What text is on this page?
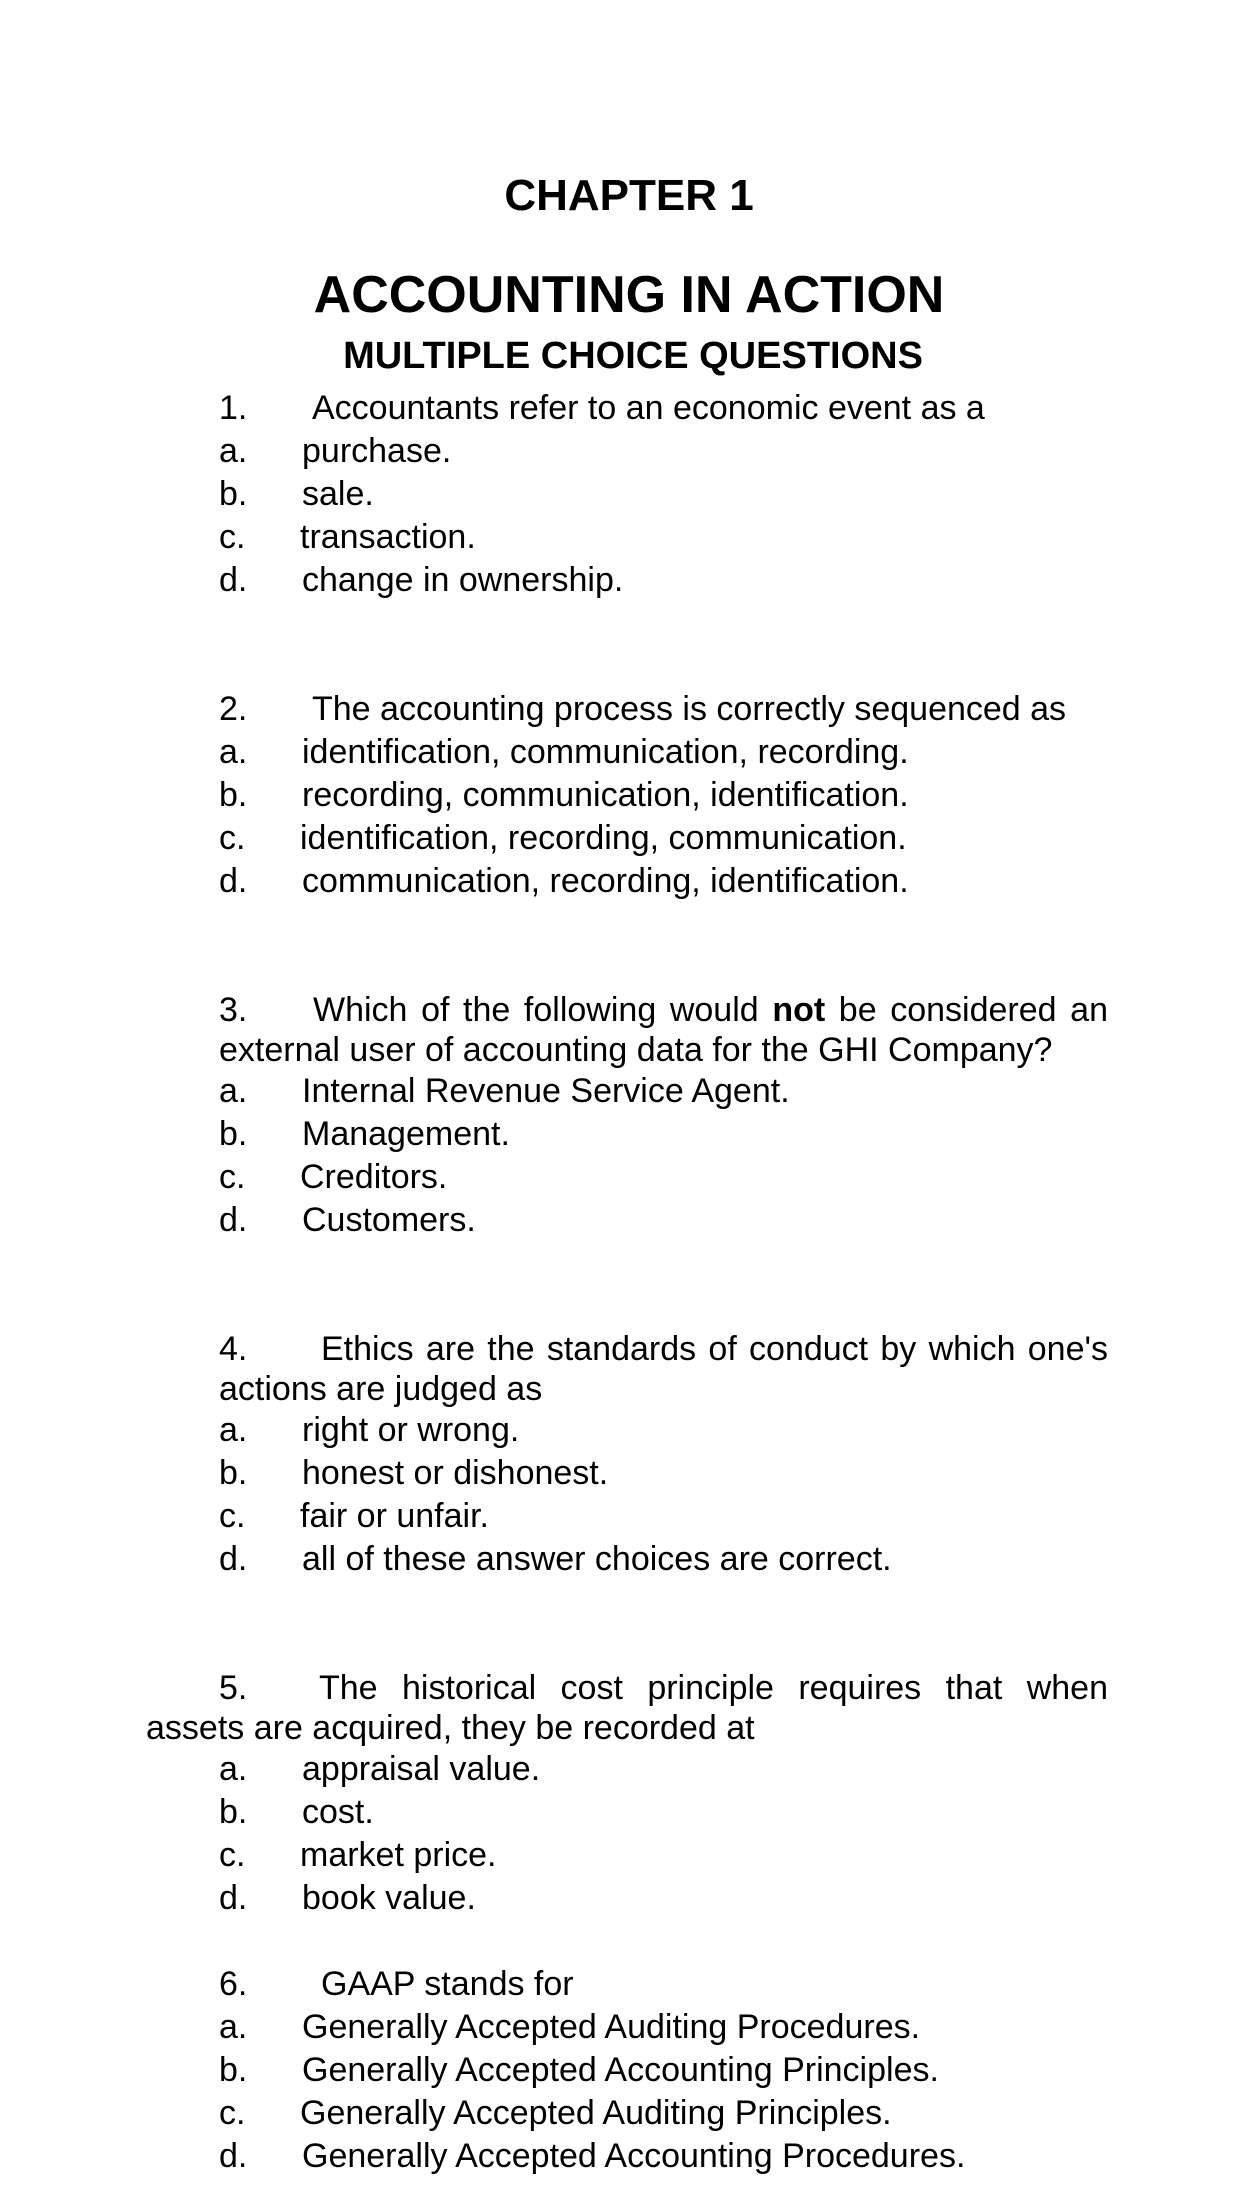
CHAPTER 1
ACCOUNTING IN ACTION
MULTIPLE CHOICE QUESTIONS

1. Accountants refer to an economic event as a

a. purchase.

b. sale.

c. transaction.

d. change in ownership.

2. The accounting process is correctly sequenced as

a. identification, communication, recording.

b. recording, communication, identification.

c. identification, recording, communication.

d. communication, recording, identification.

3. Which of the following would not be considered an
external user of accounting data for the GHI Company?

a. Internal Revenue Service Agent.

b. Management.

c. Creditors.

d. Customers.

4. Ethics are the standards of conduct by which one's
actions are judged as

a. right or wrong.

b. honest or dishonest.

c. fair or unfair.

d. all of these answer choices are correct.

5. The historical cost principle requires that when
assets are acquired, they be recorded at

a. appraisal value.

b. cost.

c. market price.

d. book value.

6. GAAP stands for

a. Generally Accepted Auditing Procedures.

b. Generally Accepted Accounting Principles.

c. Generally Accepted Auditing Principles.

d. Generally Accepted Accounting Procedures.
